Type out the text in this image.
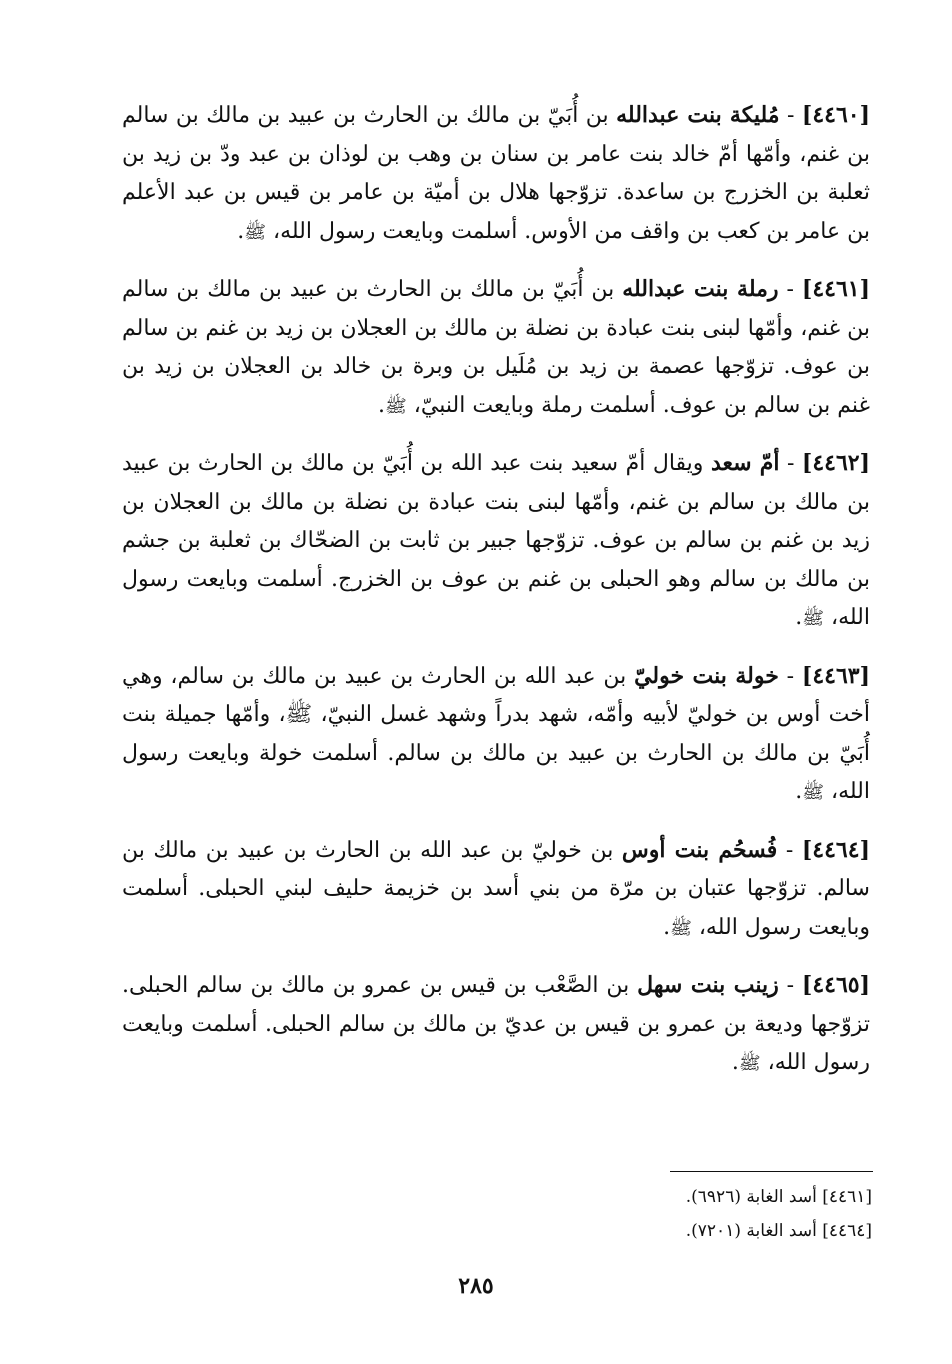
[٤٤٦٠] - مُليكة بنت عبدالله بن أُبَيّ بن مالك بن الحارث بن عبيد بن مالك بن سالم بن غنم، وأمّها أمّ خالد بنت عامر بن سنان بن وهب بن لوذان بن عبد ودّ بن زيد بن ثعلبة بن الخزرج بن ساعدة. تزوّجها هلال بن أميّة بن عامر بن قيس بن عبد الأعلم بن عامر بن كعب بن واقف من الأوس. أسلمت وبايعت رسول الله، ﷺ.

[٤٤٦١] - رملة بنت عبدالله بن أُبَيّ بن مالك بن الحارث بن عبيد بن مالك بن سالم بن غنم، وأمّها لبنى بنت عبادة بن نضلة بن مالك بن العجلان بن زيد بن غنم بن سالم بن عوف. تزوّجها عصمة بن زيد بن مُلَيل بن وبرة بن خالد بن العجلان بن زيد بن غنم بن سالم بن عوف. أسلمت رملة وبايعت النبيّ، ﷺ.

[٤٤٦٢] - أمّ سعد ويقال أمّ سعيد بنت عبد الله بن أُبَيّ بن مالك بن الحارث بن عبيد بن مالك بن سالم بن غنم، وأمّها لبنى بنت عبادة بن نضلة بن مالك بن العجلان بن زيد بن غنم بن سالم بن عوف. تزوّجها جبير بن ثابت بن الضحّاك بن ثعلبة بن جشم بن مالك بن سالم وهو الحبلى بن غنم بن عوف بن الخزرج. أسلمت وبايعت رسول الله، ﷺ.

[٤٤٦٣] - خولة بنت خوليّ بن عبد الله بن الحارث بن عبيد بن مالك بن سالم، وهي أخت أوس بن خوليّ لأبيه وأمّه، شهد بدراً وشهد غسل النبيّ، ﷺ، وأمّها جميلة بنت أُبَيّ بن مالك بن الحارث بن عبيد بن مالك بن سالم. أسلمت خولة وبايعت رسول الله، ﷺ.

[٤٤٦٤] - فُسحُم بنت أوس بن خوليّ بن عبد الله بن الحارث بن عبيد بن مالك بن سالم. تزوّجها عتبان بن مرّة من بني أسد بن خزيمة حليف لبني الحبلى. أسلمت وبايعت رسول الله، ﷺ.

[٤٤٦٥] - زينب بنت سهل بن الصَّعْب بن قيس بن عمرو بن مالك بن سالم الحبلى. تزوّجها وديعة بن عمرو بن قيس بن عديّ بن مالك بن سالم الحبلى. أسلمت وبايعت رسول الله، ﷺ.

[٤٤٦١] أسد الغابة (٦٩٢٦).
[٤٤٦٤] أسد الغابة (٧٢٠١).
٢٨٥
